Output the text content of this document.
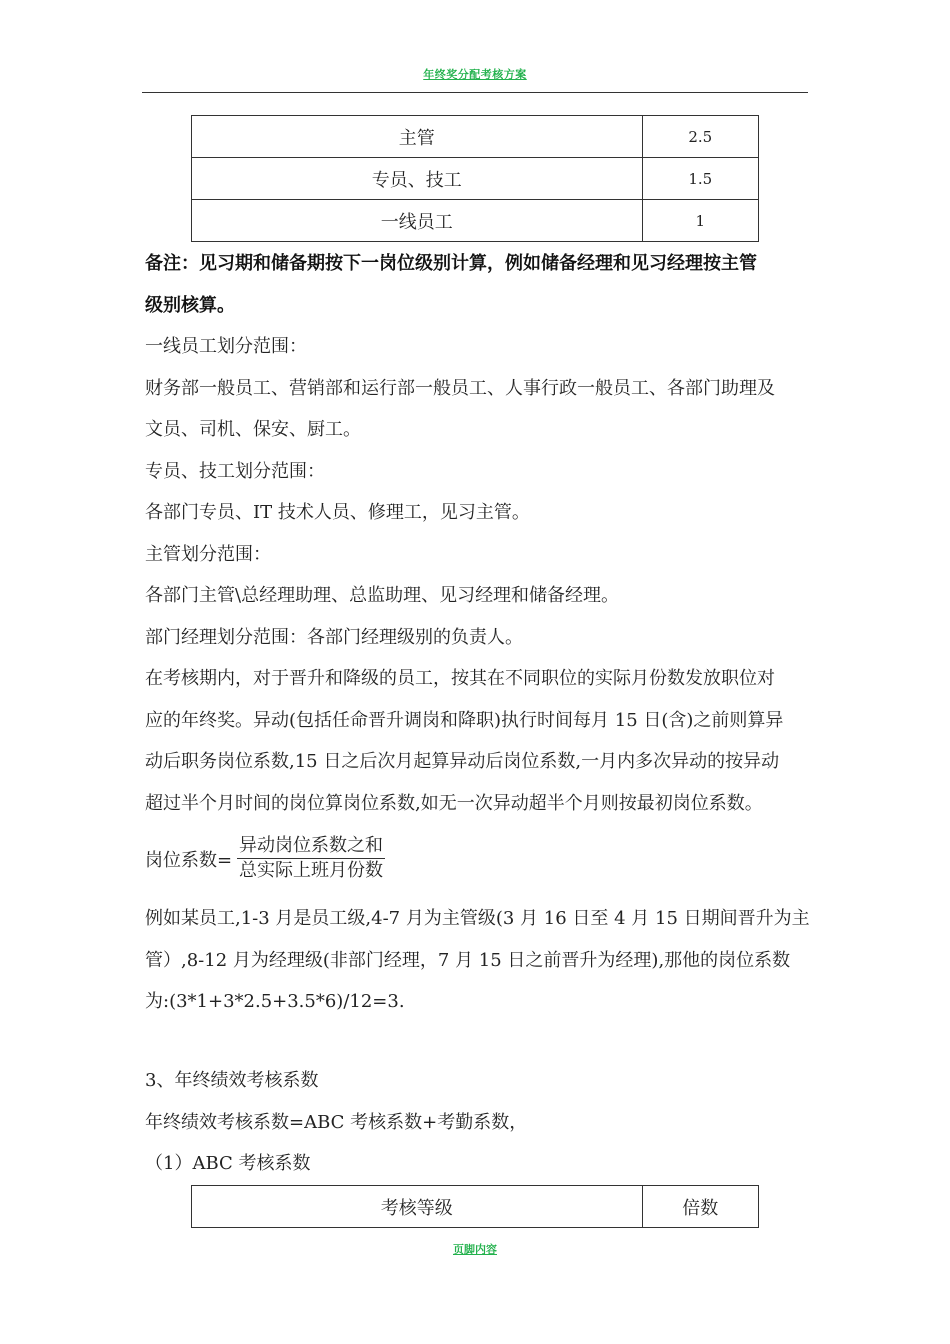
年终奖分配考核方案
主管	2.5
专员、技工	1.5
一线员工	1
备注：见习期和储备期按下一岗位级别计算，例如储备经理和见习经理按主管
级别核算。
一线员工划分范围：
财务部一般员工、营销部和运行部一般员工、人事行政一般员工、各部门助理及
文员、司机、保安、厨工。
专员、技工划分范围：
各部门专员、IT 技术人员、修理工，见习主管。
主管划分范围：
各部门主管\总经理助理、总监助理、见习经理和储备经理。
部门经理划分范围：各部门经理级别的负责人。
在考核期内，对于晋升和降级的员工，按其在不同职位的实际月份数发放职位对
应的年终奖。异动(包括任命晋升调岗和降职)执行时间每月 15 日(含)之前则算异
动后职务岗位系数,15 日之后次月起算异动后岗位系数,一月内多次异动的按异动
超过半个月时间的岗位算岗位系数,如无一次异动超半个月则按最初岗位系数。
岗位系数=
异动岗位系数之和
总实际上班月份数
例如某员工,1-3 月是员工级,4-7 月为主管级(3 月 16 日至 4 月 15 日期间晋升为主
管）,8-12 月为经理级(非部门经理，7 月 15 日之前晋升为经理),那他的岗位系数
为:(3*1+3*2.5+3.5*6)/12=3.
3、年终绩效考核系数
年终绩效考核系数=ABC 考核系数+考勤系数，
（1）ABC 考核系数
考核等级	倍数
页脚内容
